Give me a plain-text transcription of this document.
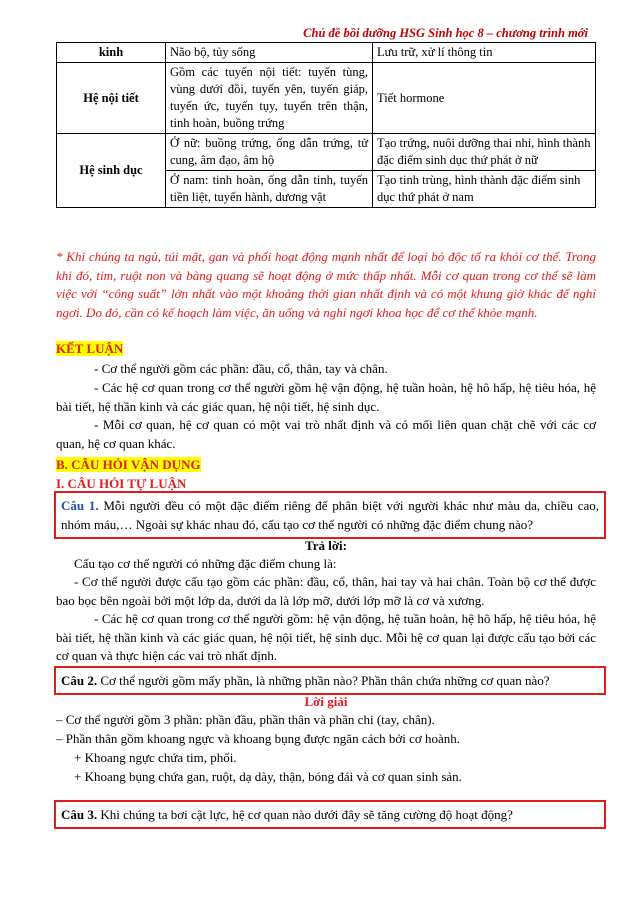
Chủ đề bồi dưỡng HSG Sinh học 8 – chương trình mới
kinh	Não bộ, tủy sống	Lưu trữ, xử lí thông tin
Hệ nội tiết	Gồm các tuyến nội tiết: tuyến tùng, vùng dưới đồi, tuyến yên, tuyến giáp, tuyến ức, tuyến tụy, tuyến trên thận, tinh hoàn, buồng trứng	Tiết hormone
Hệ sinh dục	Ở nữ: buồng trứng, ống dẫn trứng, tử cung, âm đạo, âm hộ	Tạo trứng, nuôi dưỡng thai nhi, hình thành đặc điểm sinh dục thứ phát ở nữ
	Ở nam: tinh hoàn, ống dẫn tinh, tuyến tiền liệt, tuyến hành, dương vật	Tạo tinh trùng, hình thành đặc điểm sinh dục thứ phát ở nam
* Khi chúng ta ngủ, túi mật, gan và phổi hoạt động mạnh nhất để loại bỏ độc tố ra khỏi cơ thể. Trong khi đó, tim, ruột non và bàng quang sẽ hoạt động ở mức thấp nhất. Mỗi cơ quan trong cơ thể sẽ làm việc với “công suất” lớn nhất vào một khoảng thời gian nhất định và có một khung giờ khác để nghỉ ngơi. Do đó, cần có kế hoạch làm việc, ăn uống và nghỉ ngơi khoa học để cơ thể khỏe mạnh.
KẾT LUẬN
- Cơ thể người gồm các phần: đầu, cổ, thân, tay và chân.
- Các hệ cơ quan trong cơ thể người gồm hệ vận động, hệ tuần hoàn, hệ hô hấp, hệ tiêu hóa, hệ bài tiết, hệ thần kinh và các giác quan, hệ nội tiết, hệ sinh dục.
- Mỗi cơ quan, hệ cơ quan có một vai trò nhất định và có mối liên quan chặt chẽ với các cơ quan, hệ cơ quan khác.
B. CÂU HỎI VẬN DỤNG
I. CÂU HỎI TỰ LUẬN
Câu 1. Mỗi người đều có một đặc điểm riêng để phân biệt với người khác như màu da, chiều cao, nhóm máu,… Ngoài sự khác nhau đó, cấu tạo cơ thể người có những đặc điểm chung nào?
Trả lời:
Cấu tạo cơ thể người có những đặc điểm chung là:
- Cơ thể người được cấu tạo gồm các phần: đầu, cổ, thân, hai tay và hai chân. Toàn bộ cơ thể được bao bọc bên ngoài bởi một lớp da, dưới da là lớp mỡ, dưới lớp mỡ là cơ và xương.
- Các hệ cơ quan trong cơ thể người gồm: hệ vận động, hệ tuần hoàn, hệ hô hấp, hệ tiêu hóa, hệ bài tiết, hệ thần kinh và các giác quan, hệ nội tiết, hệ sinh dục. Mỗi hệ cơ quan lại được cấu tạo bởi các cơ quan và thực hiện các vai trò nhất định.
Câu 2. Cơ thể người gồm mấy phần, là những phần nào? Phần thân chứa những cơ quan nào?
Lời giải
– Cơ thể người gồm 3 phần: phần đầu, phần thân và phần chi (tay, chân).
– Phần thân gồm khoang ngực và khoang bụng được ngăn cách bởi cơ hoành.
+ Khoang ngực chứa tim, phổi.
+ Khoang bụng chứa gan, ruột, dạ dày, thận, bóng đái và cơ quan sinh sản.
Câu 3. Khi chúng ta bơi cật lực, hệ cơ quan nào dưới đây sẽ tăng cường độ hoạt động?
